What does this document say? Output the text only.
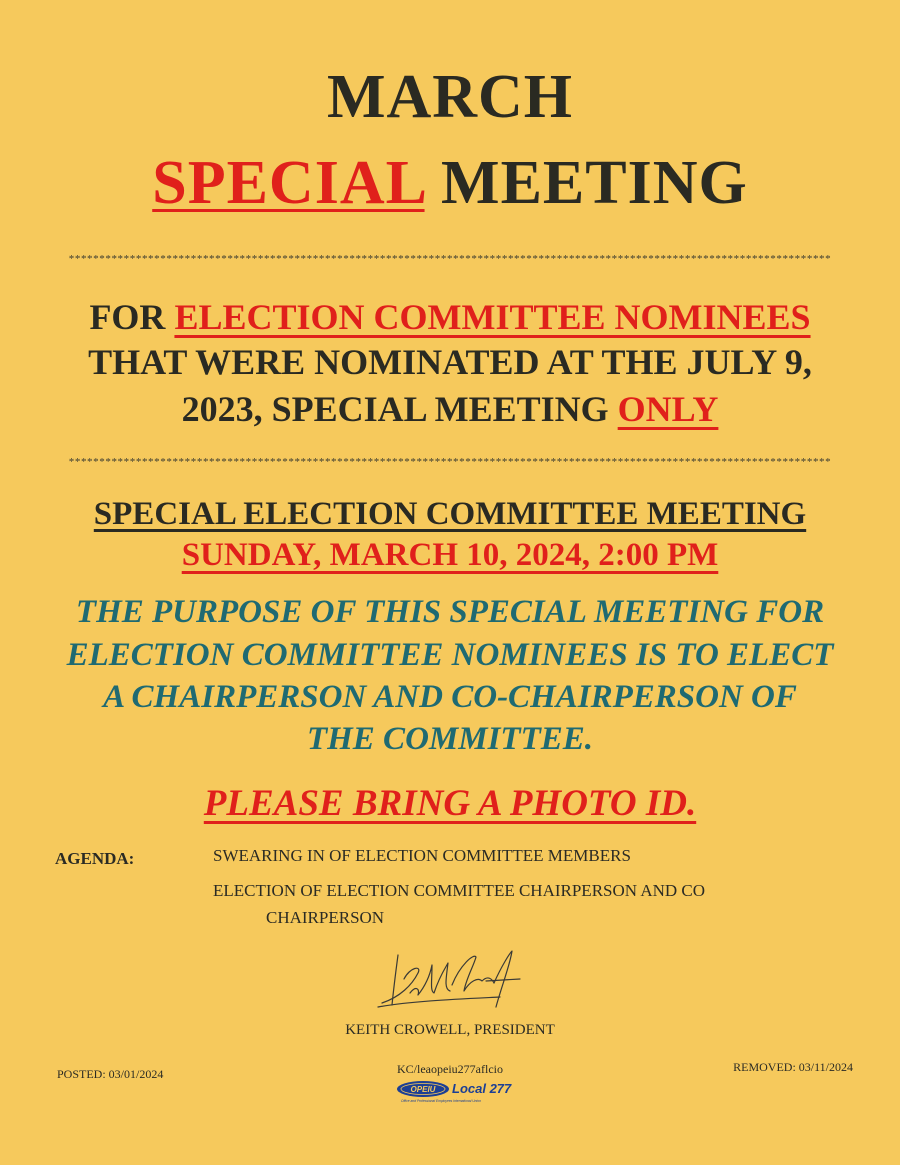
MARCH
SPECIAL MEETING
*****************************************************************************************************************************
FOR ELECTION COMMITTEE NOMINEES
THAT WERE NOMINATED AT THE JULY 9,
2023, SPECIAL MEETING ONLY
*****************************************************************************************************************************
SPECIAL ELECTION COMMITTEE MEETING
SUNDAY, MARCH 10, 2024, 2:00 PM
THE PURPOSE OF THIS SPECIAL MEETING FOR
ELECTION COMMITTEE NOMINEES IS TO ELECT
A CHAIRPERSON AND CO-CHAIRPERSON OF
THE COMMITTEE.
PLEASE BRING A PHOTO ID.
AGENDA:	SWEARING IN OF ELECTION COMMITTEE MEMBERS
ELECTION OF ELECTION COMMITTEE CHAIRPERSON AND CO
CHAIRPERSON
KEITH CROWELL, PRESIDENT
POSTED: 03/01/2024	KC/leaopeiu277aflcio	REMOVED: 03/11/2024
OPEIU Local 277
Office and Professional Employees International Union
